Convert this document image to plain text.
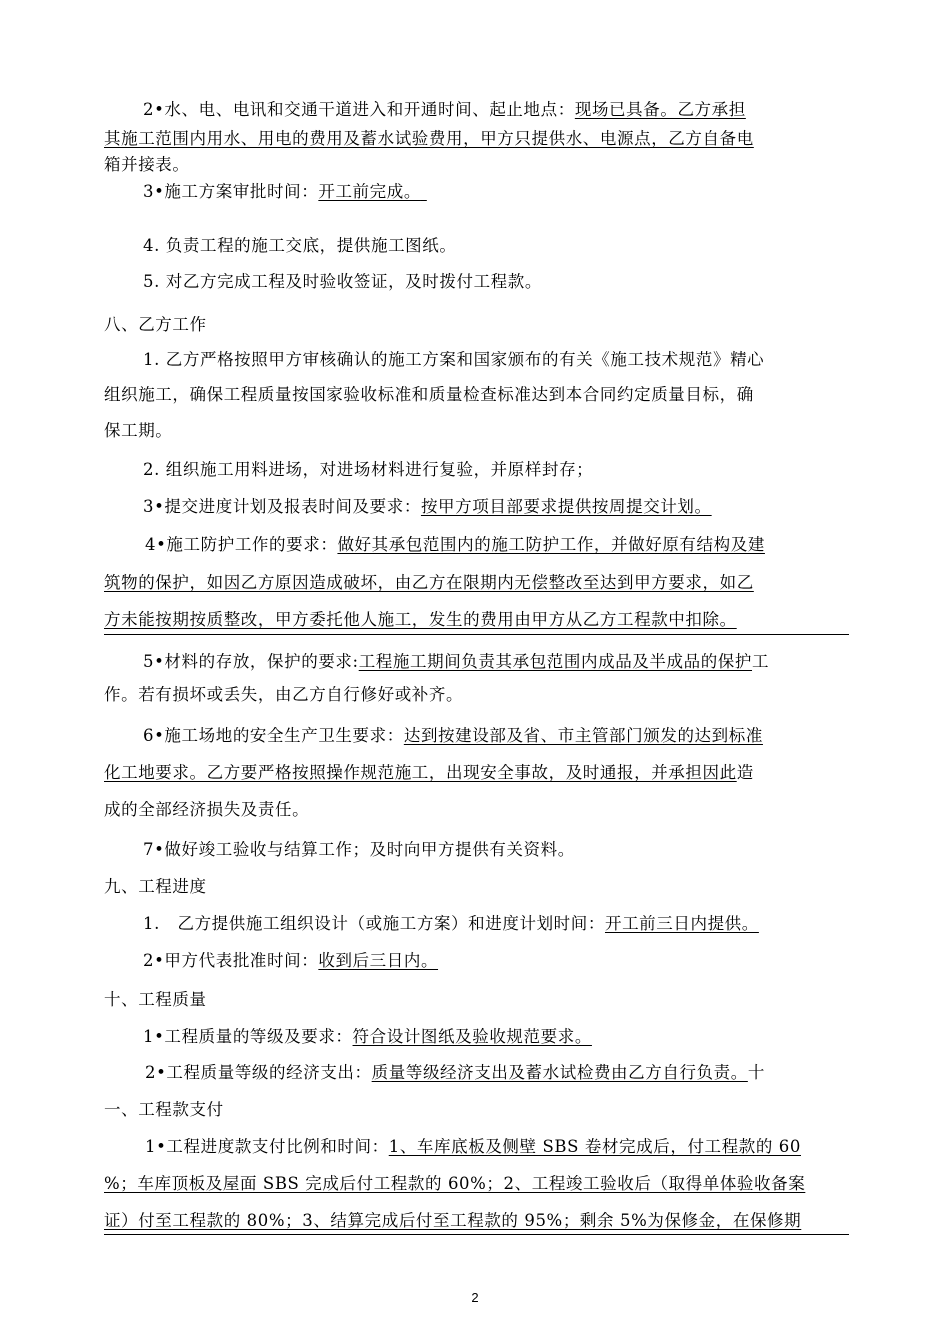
2•水、电、电讯和交通干道进入和开通时间、起止地点：现场已具备。乙方承担
其施工范围内用水、用电的费用及蓄水试验费用，甲方只提供水、电源点，乙方自备电
箱并接表。
3•施工方案审批时间：开工前完成。
4. 负责工程的施工交底，提供施工图纸。
5. 对乙方完成工程及时验收签证，及时拨付工程款。
八、乙方工作
1. 乙方严格按照甲方审核确认的施工方案和国家颁布的有关《施工技术规范》精心
组织施工，确保工程质量按国家验收标准和质量检查标准达到本合同约定质量目标，确
保工期。
2. 组织施工用料进场，对进场材料进行复验，并原样封存；
3•提交进度计划及报表时间及要求：按甲方项目部要求提供按周提交计划。
4•施工防护工作的要求：做好其承包范围内的施工防护工作，并做好原有结构及建
筑物的保护，如因乙方原因造成破坏，由乙方在限期内无偿整改至达到甲方要求，如乙
方未能按期按质整改，甲方委托他人施工，发生的费用由甲方从乙方工程款中扣除。
5•材料的存放，保护的要求:工程施工期间负责其承包范围内成品及半成品的保护工
作。若有损坏或丢失，由乙方自行修好或补齐。
6•施工场地的安全生产卫生要求：达到按建设部及省、市主管部门颁发的达到标准
化工地要求。乙方要严格按照操作规范施工，出现安全事故，及时通报，并承担因此造
成的全部经济损失及责任。
7•做好竣工验收与结算工作；及时向甲方提供有关资料。
九、工程进度
1.   乙方提供施工组织设计（或施工方案）和进度计划时间：开工前三日内提供。
2•甲方代表批准时间：收到后三日内。
十、工程质量
1•工程质量的等级及要求：符合设计图纸及验收规范要求。
2•工程质量等级的经济支出：质量等级经济支出及蓄水试检费由乙方自行负责。十
一、工程款支付
1•工程进度款支付比例和时间：1、车库底板及侧壁 SBS 卷材完成后，付工程款的 60
%；车库顶板及屋面 SBS 完成后付工程款的 60%；2、工程竣工验收后（取得单体验收备案
证）付至工程款的 80%；3、结算完成后付至工程款的 95%；剩余 5%为保修金，在保修期
2
